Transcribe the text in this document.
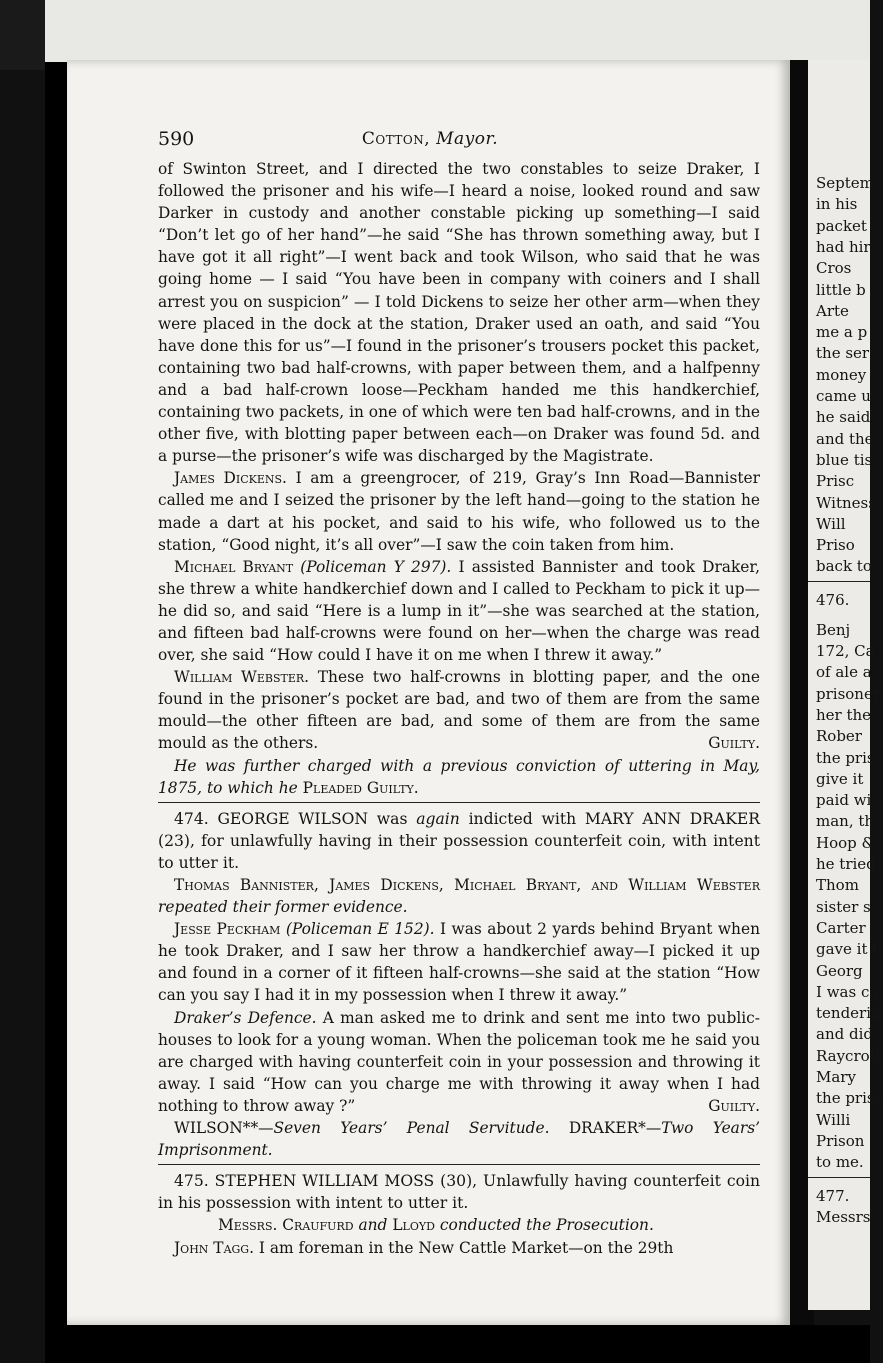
Septem
in his
packet
had hir
Cros
little b
Arte
me a p
the ser
money
came u
he said
and the
blue tis
Prisc
Witness
Will
Priso
back to
476.
Benj
172, Ca
of ale a
prisoner
her the
Rober
the pris
give it
paid wi
man, th
Hoop &
he tried
Thom
sister s
Carter c
gave it t
Georg
I was ca
tenderin
and did
Raycroft
Mary
the prisc
Willi
Prison
to me.
477.
Messrs.
590	Cotton, Mayor.

of Swinton Street, and I directed the two constables to seize Draker, I followed the prisoner and his wife—I heard a noise, looked round and saw Darker in custody and another constable picking up something—I said “Don’t let go of her hand”—he said “She has thrown something away, but I have got it all right”—I went back and took Wilson, who said that he was going home — I said “You have been in company with coiners and I shall arrest you on suspicion” — I told Dickens to seize her other arm—when they were placed in the dock at the station, Draker used an oath, and said “You have done this for us”—I found in the prisoner’s trousers pocket this packet, containing two bad half-crowns, with paper between them, and a halfpenny and a bad half-crown loose—Peckham handed me this handkerchief, containing two packets, in one of which were ten bad half-crowns, and in the other five, with blotting paper between each—on Draker was found 5d. and a purse—the prisoner’s wife was discharged by the Magistrate.

James Dickens. I am a greengrocer, of 219, Gray’s Inn Road—Bannister called me and I seized the prisoner by the left hand—going to the station he made a dart at his pocket, and said to his wife, who followed us to the station, “Good night, it’s all over”—I saw the coin taken from him.

Michael Bryant (Policeman Y 297). I assisted Bannister and took Draker, she threw a white handkerchief down and I called to Peckham to pick it up—he did so, and said “Here is a lump in it”—she was searched at the station, and fifteen bad half-crowns were found on her—when the charge was read over, she said “How could I have it on me when I threw it away.”

William Webster. These two half-crowns in blotting paper, and the one found in the prisoner’s pocket are bad, and two of them are from the same mould—the other fifteen are bad, and some of them are from the same mould as the others.	Guilty.

He was further charged with a previous conviction of uttering in May, 1875, to which he Pleaded Guilty.

474. GEORGE WILSON was again indicted with MARY ANN DRAKER (23), for unlawfully having in their possession counterfeit coin, with intent to utter it.

Thomas Bannister, James Dickens, Michael Bryant, and William Webster repeated their former evidence.

Jesse Peckham (Policeman E 152). I was about 2 yards behind Bryant when he took Draker, and I saw her throw a handkerchief away—I picked it up and found in a corner of it fifteen half-crowns—she said at the station “How can you say I had it in my possession when I threw it away.”

Draker’s Defence. A man asked me to drink and sent me into two public-houses to look for a young woman. When the policeman took me he said you are charged with having counterfeit coin in your possession and throwing it away. I said “How can you charge me with throwing it away when I had nothing to throw away ?”	Guilty.

WILSON**—Seven Years’ Penal Servitude. DRAKER*—Two Years’ Imprisonment.

475. STEPHEN WILLIAM MOSS (30), Unlawfully having counterfeit coin in his possession with intent to utter it.

Messrs. Craufurd and Lloyd conducted the Prosecution.

John Tagg. I am foreman in the New Cattle Market—on the 29th
